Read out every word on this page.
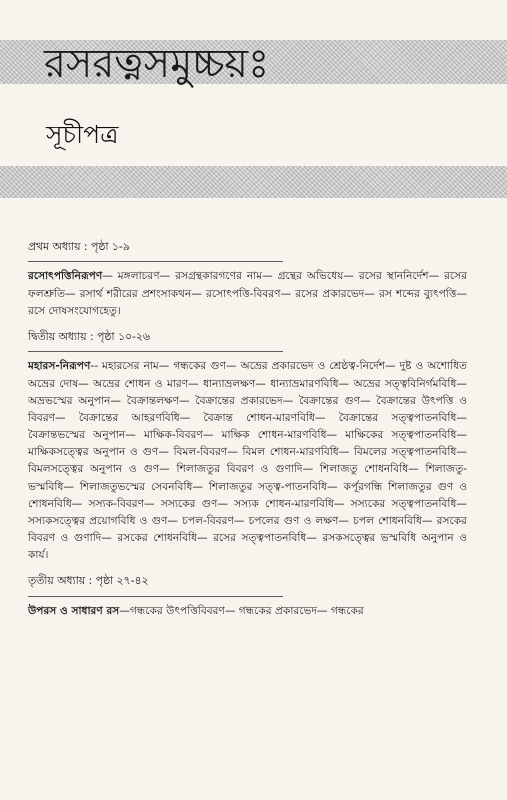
রসরত্নসমুচ্চয়ঃ
সূচীপত্র
প্রথম অধ্যায় : পৃষ্ঠা ১-৯
রসোৎপত্তিনিরূপণ— মঙ্গলাচরণ— রসগ্রন্থকারগণের নাম— গ্রন্থের অভিধেয়— রসের স্থাননির্দেশ— রসের ফলশ্রুতি— রসার্থ শরীরের প্রশংসাকথন— রসোৎপত্তি-বিবরণ— রসের প্রকারভেদ— রস শব্দের ব্যুৎপত্তি— রসে দোষসংযোগহেতু।
দ্বিতীয় অধ্যায় : পৃষ্ঠা ১০-২৬
মহারস-নিরূপণ-- মহারসের নাম— গন্ধকের গুণ— অভ্রের প্রকারভেদ ও শ্রেষ্ঠত্ব-নির্দেশ— দুষ্ট ও অশোধিত অভ্রের দোষ— অভ্রের শোধন ও মারণ— ধান্যাভ্রলক্ষণ— ধান্যাভ্রমারণবিধি— অভ্রের সত্ত্ববিনির্গমবিধি— অভ্রভস্মের অনুপান— বৈক্রান্তলক্ষণ— বৈক্রান্তের প্রকারভেদ— বৈক্রান্তের গুণ— বৈক্রান্তের উৎপত্তি ও বিবরণ— বৈক্রান্তের আহরণবিধি— বৈক্রান্ত শোধন-মারণবিধি— বৈক্রান্তের সত্ত্বপাতনবিধি— বৈক্রান্তভস্মের অনুপান— মাক্ষিক-বিবরণ— মাক্ষিক শোধন-মারণবিধি— মাক্ষিকের সত্ত্বপাতনবিধি— মাক্ষিকসত্ত্বের অনুপান ও গুণ— বিমল-বিবরণ— বিমল শোধন-মারণবিধি— বিমলের সত্ত্বপাতনবিধি— বিমলসত্ত্বের অনুপান ও গুণ— শিলাজতুর বিবরণ ও গুণাদি— শিলাজতু শোধনবিধি— শিলাজতু-ভস্মবিধি— শিলাজতুভস্মের সেবনবিধি— শিলাজতুর সত্ত্ব-পাতনবিধি— কর্পূরগন্ধি শিলাজতুর গুণ ও শোধনবিধি— সস্যক-বিবরণ— সস্যকের গুণ— সস্যক শোধন-মারণবিধি— সস্যকের সত্ত্বপাতনবিধি— সস্যকসত্ত্বের প্রয়োগবিধি ও গুণ— চপল-বিবরণ— চপলের গুণ ও লক্ষণ— চপল শোধনবিধি— রসকের বিবরণ ও গুণাদি— রসকের শোধনবিধি— রসের সত্ত্বপাতনবিধি— রসকসত্ত্বের ভস্মবিধি অনুপান ও কার্য।
তৃতীয় অধ্যায় : পৃষ্ঠা ২৭-৪২
উপরস ও সাধারণ রস—গন্ধকের উৎপত্তিবিবরণ— গন্ধকের প্রকারভেদ— গন্ধকের
